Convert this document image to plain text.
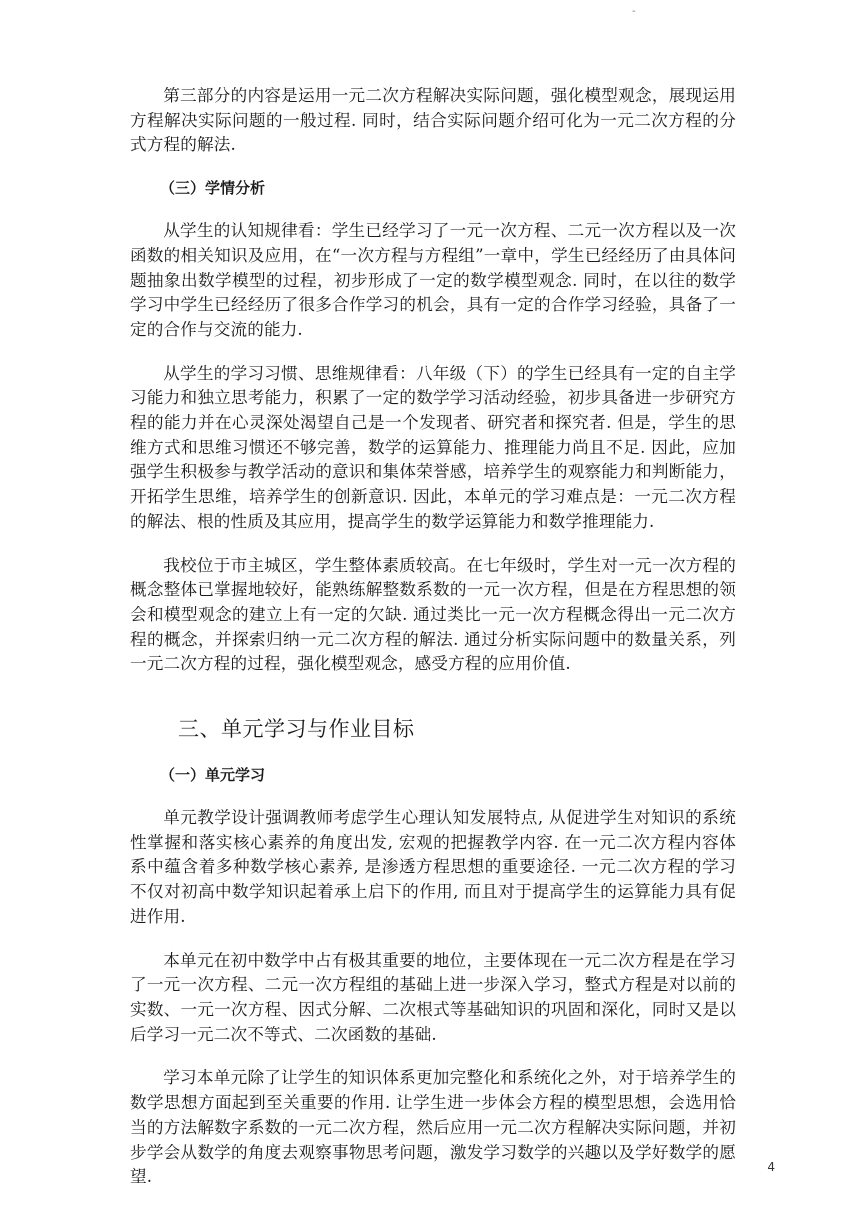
-

第三部分的内容是运用一元二次方程解决实际问题，强化模型观念，展现运用方程解决实际问题的一般过程. 同时，结合实际问题介绍可化为一元二次方程的分式方程的解法.

（三）学情分析

从学生的认知规律看：学生已经学习了一元一次方程、二元一次方程以及一次函数的相关知识及应用，在“一次方程与方程组”一章中，学生已经经历了由具体问题抽象出数学模型的过程，初步形成了一定的数学模型观念. 同时，在以往的数学学习中学生已经经历了很多合作学习的机会，具有一定的合作学习经验，具备了一定的合作与交流的能力.

从学生的学习习惯、思维规律看：八年级（下）的学生已经具有一定的自主学习能力和独立思考能力，积累了一定的数学学习活动经验，初步具备进一步研究方程的能力并在心灵深处渴望自己是一个发现者、研究者和探究者. 但是，学生的思维方式和思维习惯还不够完善，数学的运算能力、推理能力尚且不足. 因此，应加强学生积极参与教学活动的意识和集体荣誉感，培养学生的观察能力和判断能力，开拓学生思维，培养学生的创新意识. 因此，本单元的学习难点是：一元二次方程的解法、根的性质及其应用，提高学生的数学运算能力和数学推理能力.

我校位于市主城区，学生整体素质较高。在七年级时，学生对一元一次方程的概念整体已掌握地较好，能熟练解整数系数的一元一次方程，但是在方程思想的领会和模型观念的建立上有一定的欠缺. 通过类比一元一次方程概念得出一元二次方程的概念，并探索归纳一元二次方程的解法. 通过分析实际问题中的数量关系，列一元二次方程的过程，强化模型观念，感受方程的应用价值.

三、单元学习与作业目标
（一）单元学习

单元教学设计强调教师考虑学生心理认知发展特点, 从促进学生对知识的系统性掌握和落实核心素养的角度出发, 宏观的把握教学内容. 在一元二次方程内容体系中蕴含着多种数学核心素养, 是渗透方程思想的重要途径. 一元二次方程的学习不仅对初高中数学知识起着承上启下的作用, 而且对于提高学生的运算能力具有促进作用.

本单元在初中数学中占有极其重要的地位，主要体现在一元二次方程是在学习了一元一次方程、二元一次方程组的基础上进一步深入学习，整式方程是对以前的实数、一元一次方程、因式分解、二次根式等基础知识的巩固和深化，同时又是以后学习一元二次不等式、二次函数的基础.

学习本单元除了让学生的知识体系更加完整化和系统化之外，对于培养学生的数学思想方面起到至关重要的作用. 让学生进一步体会方程的模型思想，会选用恰当的方法解数字系数的一元二次方程，然后应用一元二次方程解决实际问题，并初步学会从数学的角度去观察事物思考问题，激发学习数学的兴趣以及学好数学的愿望.

4
